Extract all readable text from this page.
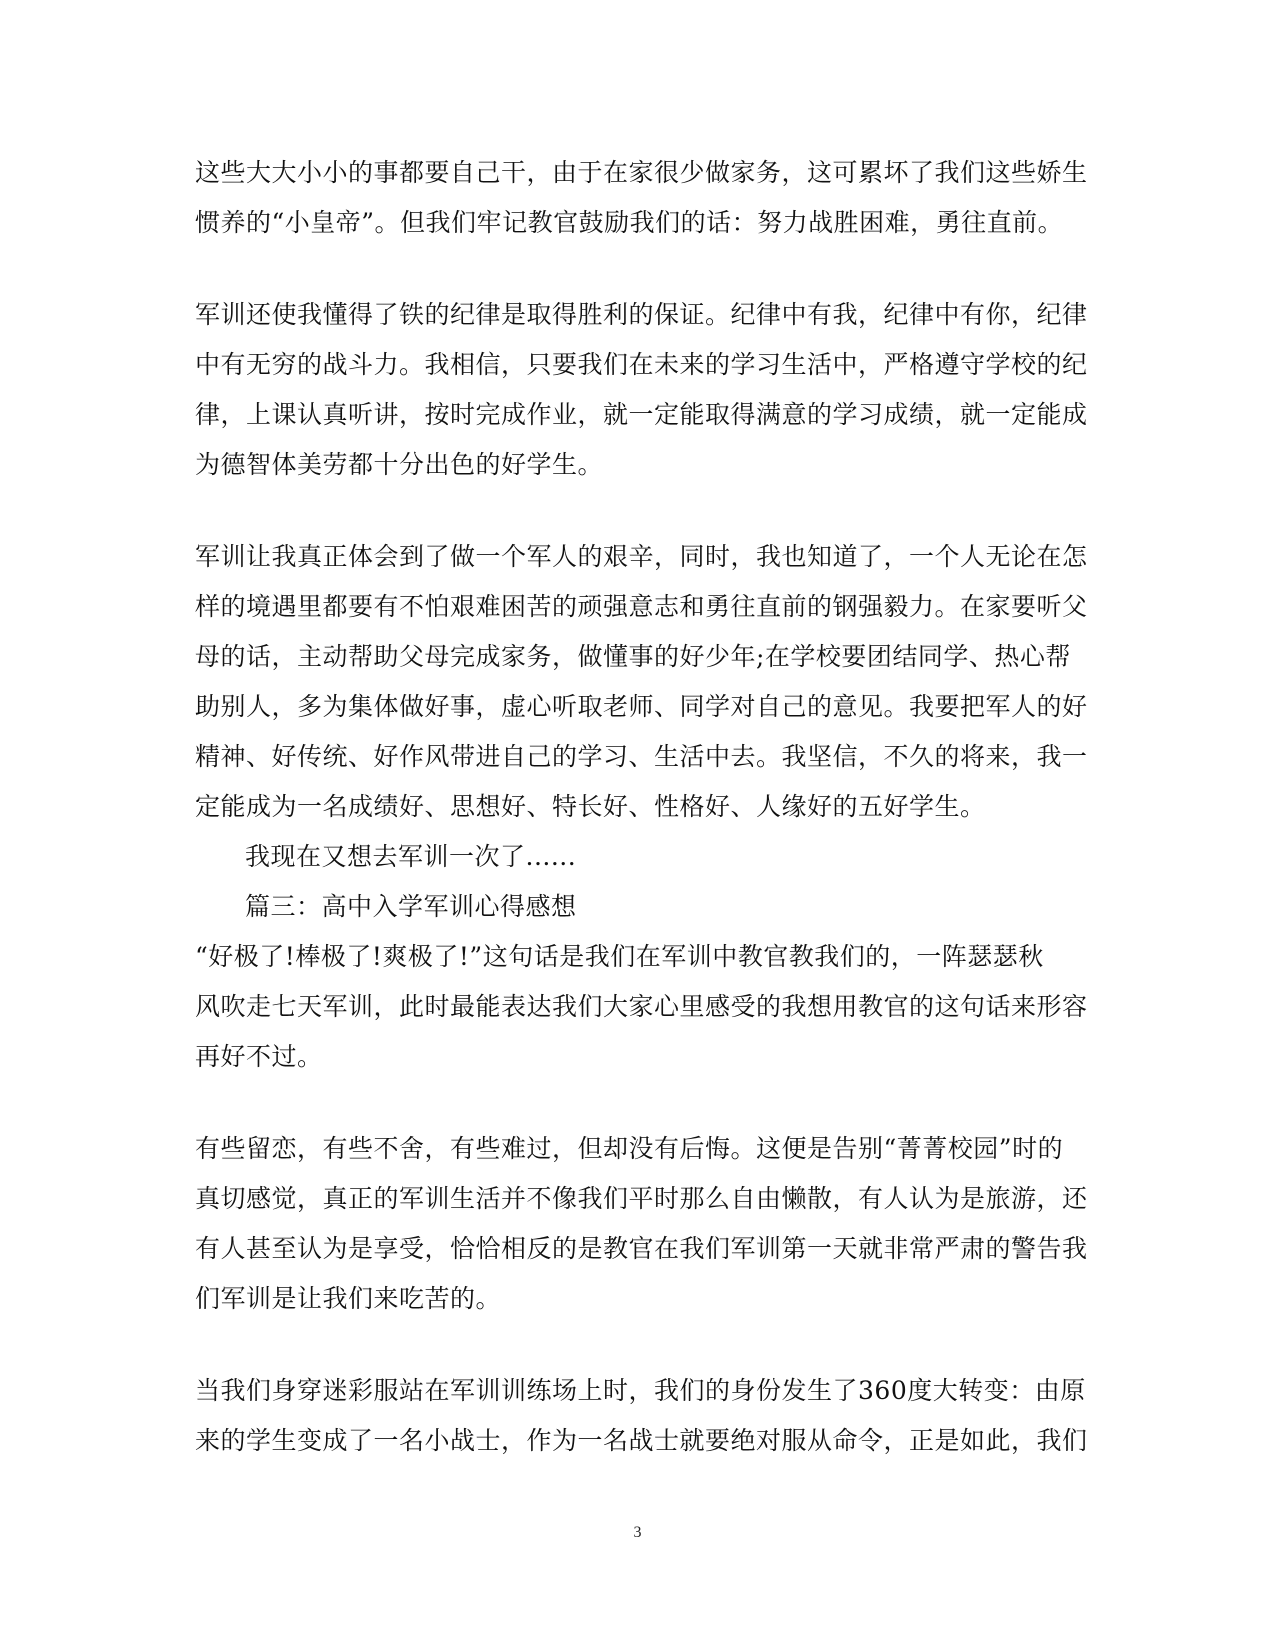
这些大大小小的事都要自己干，由于在家很少做家务，这可累坏了我们这些娇生
惯养的“小皇帝”。但我们牢记教官鼓励我们的话：努力战胜困难，勇往直前。
军训还使我懂得了铁的纪律是取得胜利的保证。纪律中有我，纪律中有你，纪律
中有无穷的战斗力。我相信，只要我们在未来的学习生活中，严格遵守学校的纪
律，上课认真听讲，按时完成作业，就一定能取得满意的学习成绩，就一定能成
为德智体美劳都十分出色的好学生。
军训让我真正体会到了做一个军人的艰辛，同时，我也知道了，一个人无论在怎
样的境遇里都要有不怕艰难困苦的顽强意志和勇往直前的钢强毅力。在家要听父
母的话，主动帮助父母完成家务，做懂事的好少年;在学校要团结同学、热心帮
助别人，多为集体做好事，虚心听取老师、同学对自己的意见。我要把军人的好
精神、好传统、好作风带进自己的学习、生活中去。我坚信，不久的将来，我一
定能成为一名成绩好、思想好、特长好、性格好、人缘好的五好学生。
我现在又想去军训一次了......
篇三：高中入学军训心得感想
“好极了!棒极了!爽极了!”这句话是我们在军训中教官教我们的，一阵瑟瑟秋
风吹走七天军训，此时最能表达我们大家心里感受的我想用教官的这句话来形容
再好不过。
有些留恋，有些不舍，有些难过，但却没有后悔。这便是告别“菁菁校园”时的
真切感觉，真正的军训生活并不像我们平时那么自由懒散，有人认为是旅游，还
有人甚至认为是享受，恰恰相反的是教官在我们军训第一天就非常严肃的警告我
们军训是让我们来吃苦的。
当我们身穿迷彩服站在军训训练场上时，我们的身份发生了360度大转变：由原
来的学生变成了一名小战士，作为一名战士就要绝对服从命令，正是如此，我们
3
